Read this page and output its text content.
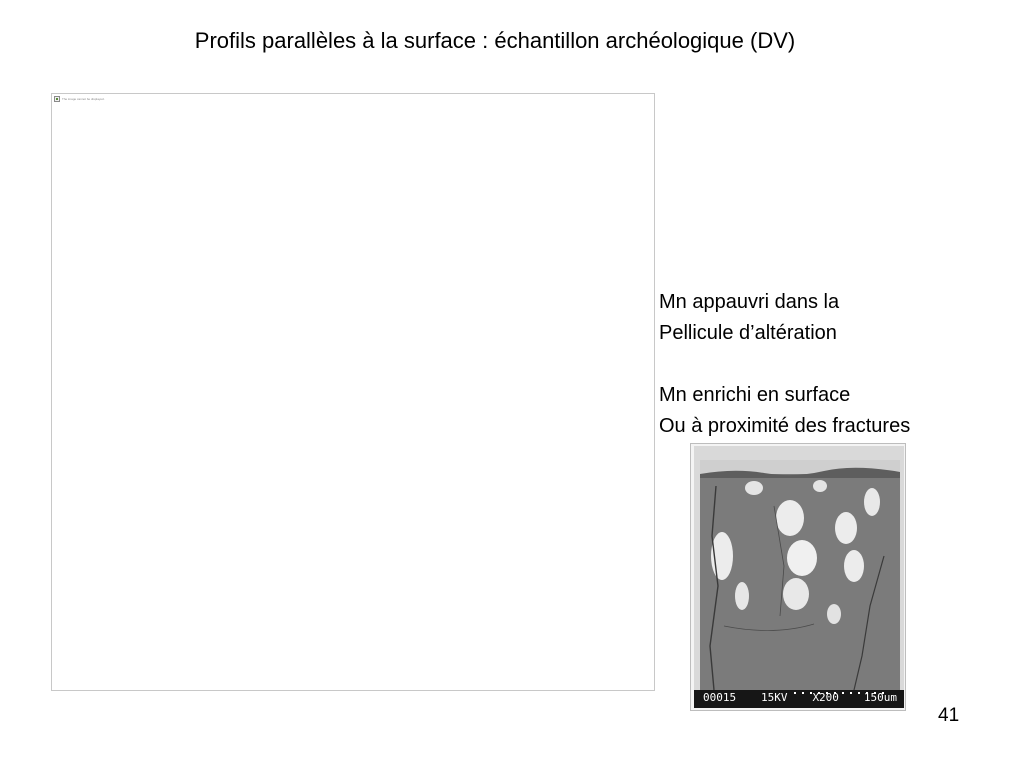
Profils parallèles à la surface : échantillon archéologique (DV)
The image cannot be displayed.

Mn appauvri dans la

Pellicule d’altération

Mn enrichi en surface

Ou à proximité des fractures

00015 15KV X200 150um
41
